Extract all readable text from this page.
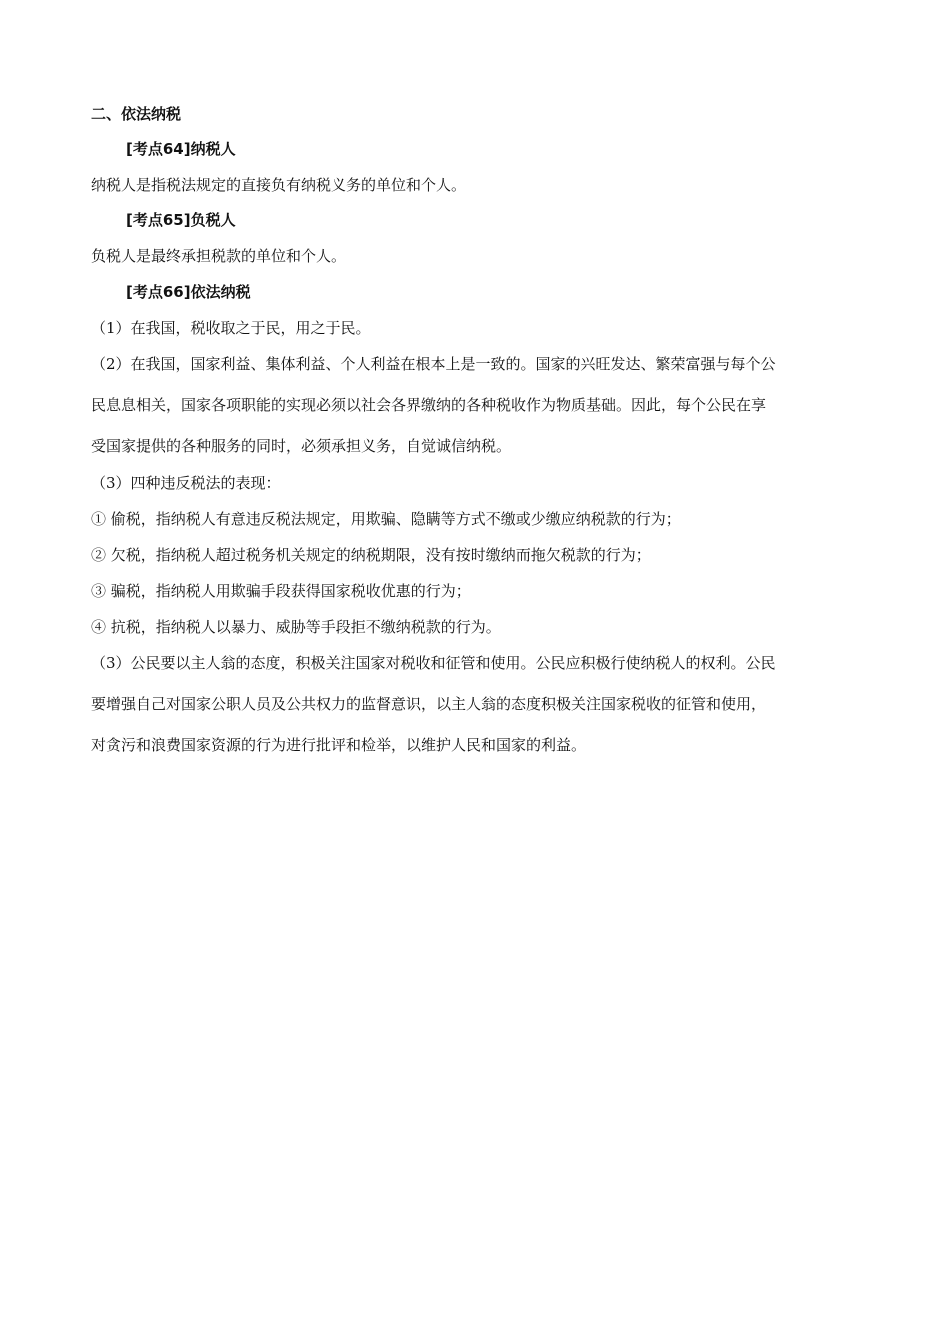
二、依法纳税
[考点64]纳税人
纳税人是指税法规定的直接负有纳税义务的单位和个人。
[考点65]负税人
负税人是最终承担税款的单位和个人。
[考点66]依法纳税
（1）在我国，税收取之于民，用之于民。
（2）在我国，国家利益、集体利益、个人利益在根本上是一致的。国家的兴旺发达、繁荣富强与每个公
民息息相关，国家各项职能的实现必须以社会各界缴纳的各种税收作为物质基础。因此，每个公民在享
受国家提供的各种服务的同时，必须承担义务，自觉诚信纳税。
（3）四种违反税法的表现：
① 偷税，指纳税人有意违反税法规定，用欺骗、隐瞒等方式不缴或少缴应纳税款的行为；
② 欠税，指纳税人超过税务机关规定的纳税期限，没有按时缴纳而拖欠税款的行为；
③ 骗税，指纳税人用欺骗手段获得国家税收优惠的行为；
④ 抗税，指纳税人以暴力、威胁等手段拒不缴纳税款的行为。
（3）公民要以主人翁的态度，积极关注国家对税收和征管和使用。公民应积极行使纳税人的权利。公民
要增强自己对国家公职人员及公共权力的监督意识，以主人翁的态度积极关注国家税收的征管和使用，
对贪污和浪费国家资源的行为进行批评和检举，以维护人民和国家的利益。
